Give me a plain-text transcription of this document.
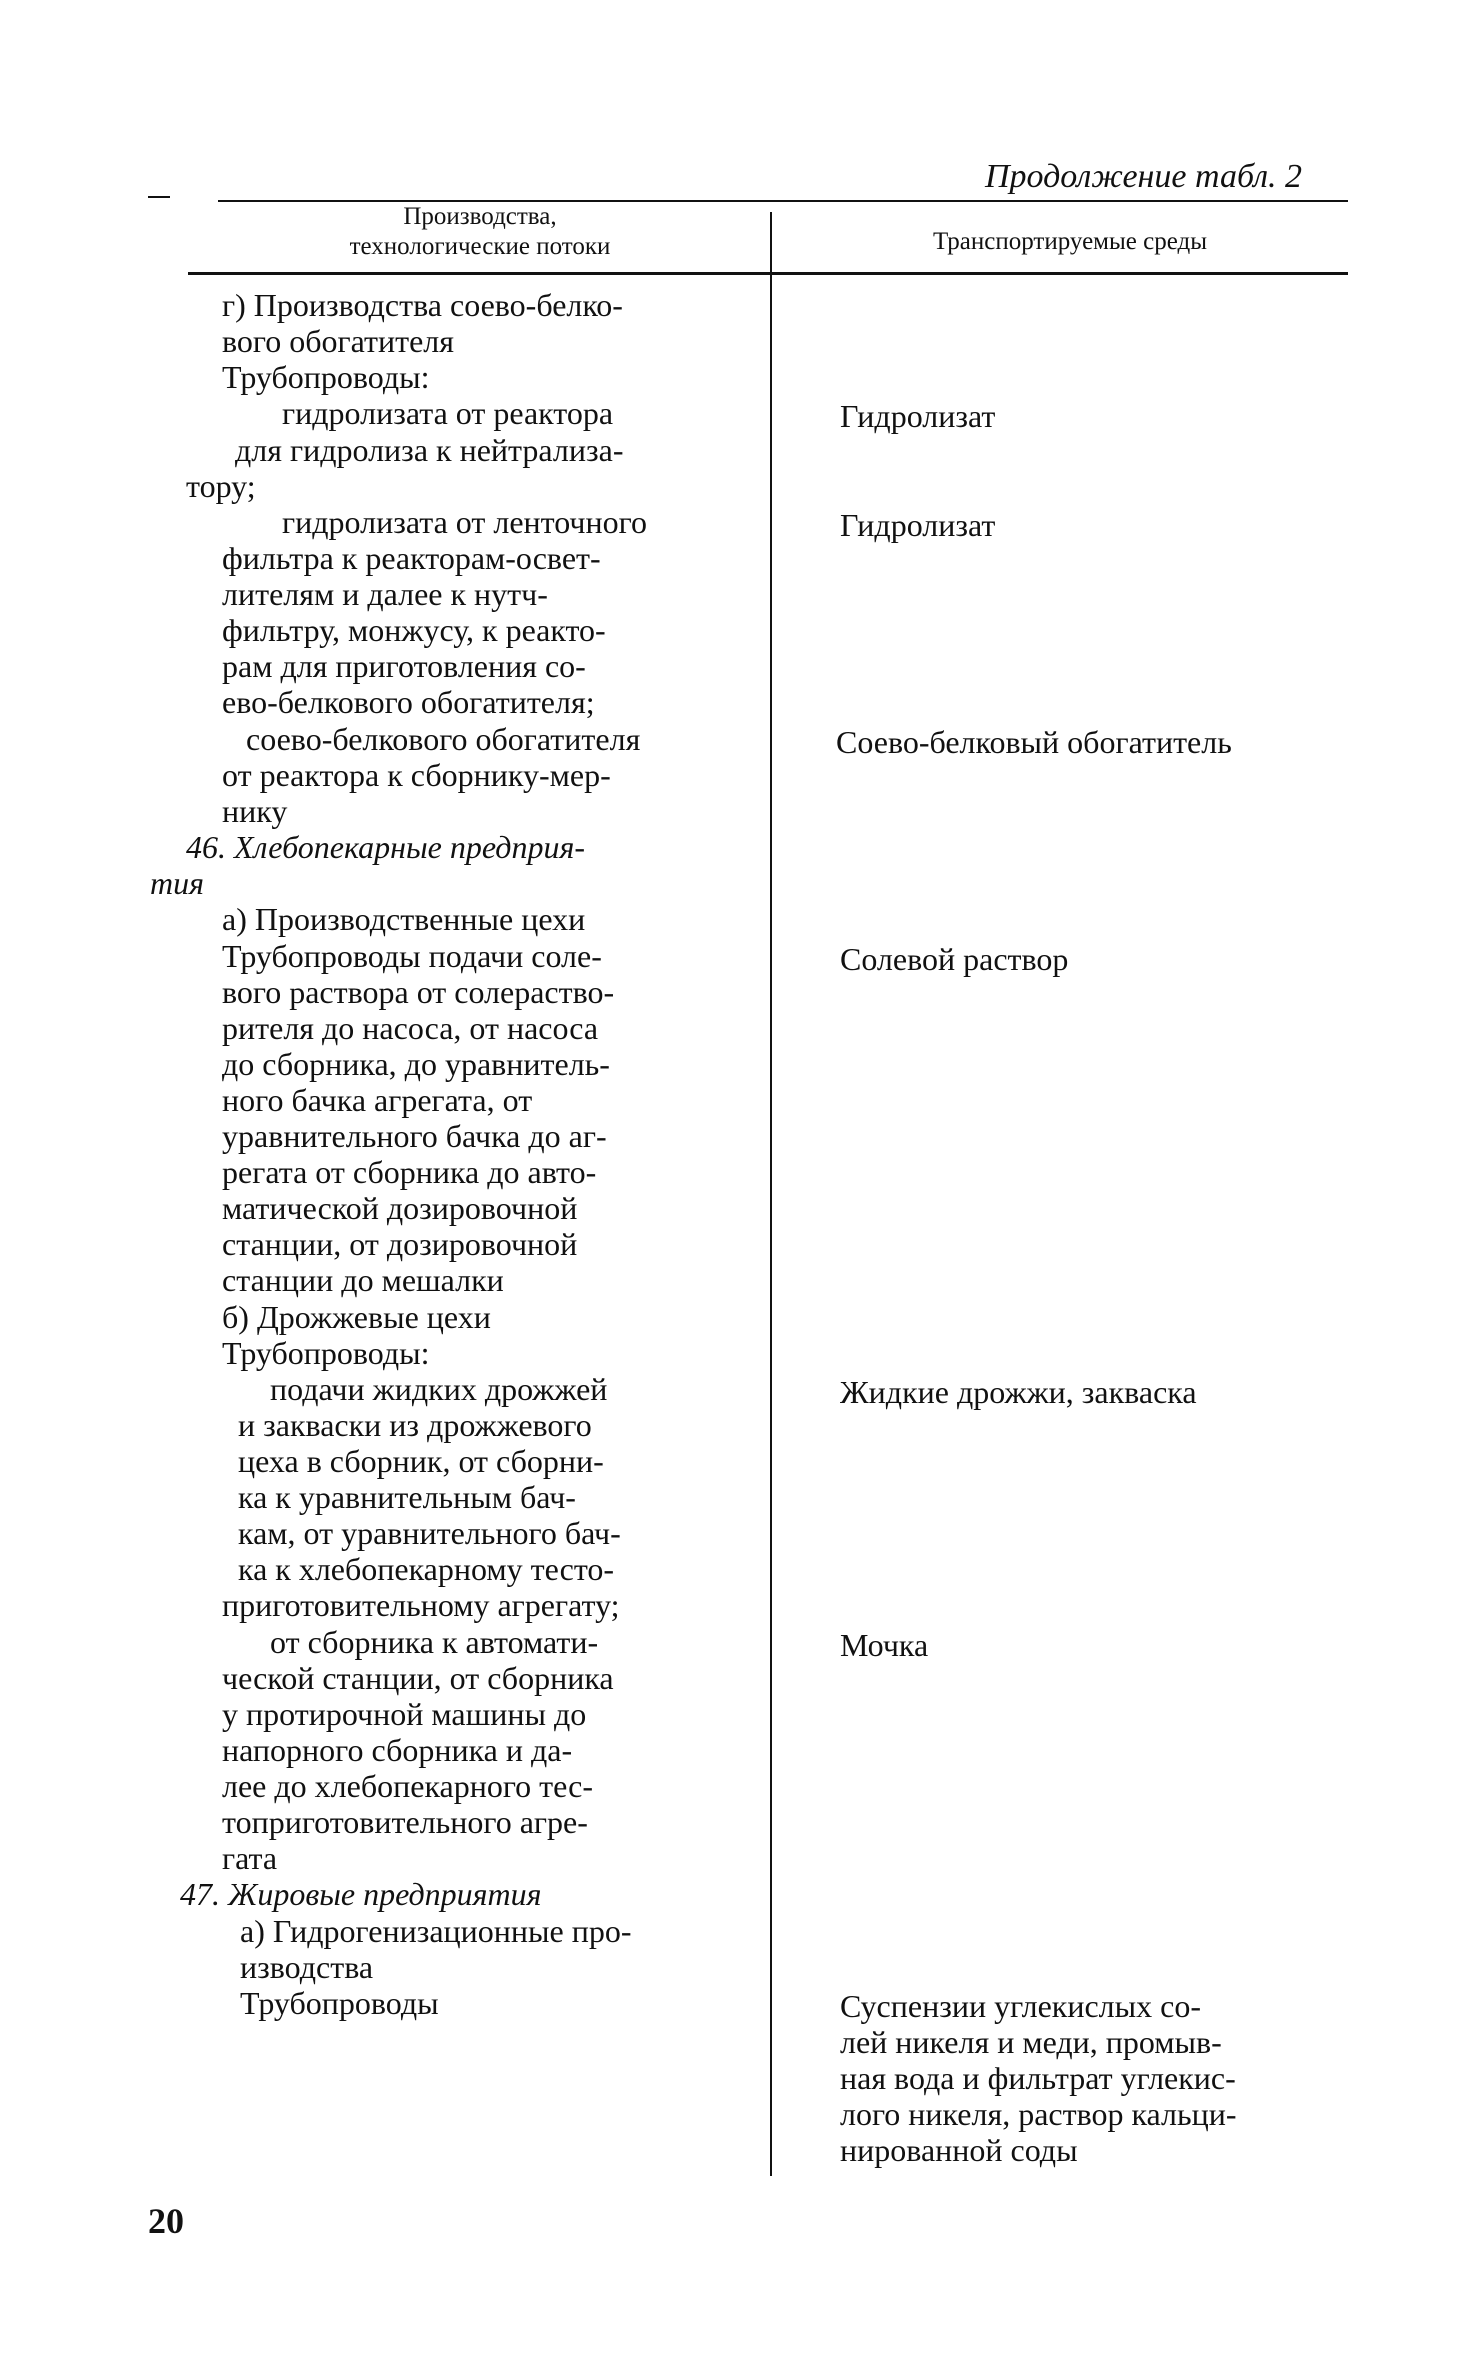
Продолжение табл. 2
Производства,
технологические потоки	Транспортируемые среды
г) Производства соево-белко-
вого обогатителя
Трубопроводы:
гидролизата от реактора
для гидролиза к нейтрализа-
тору;
гидролизата от ленточного
фильтра к реакторам-освет-
лителям и далее к нутч-
фильтру, монжусу, к реакто-
рам для приготовления со-
ево-белкового обогатителя;
соево-белкового обогатителя
от реактора к сборнику-мер-
нику
46. Хлебопекарные предприя-
тия
а) Производственные цехи
Трубопроводы подачи соле-
вого раствора от солераство-
рителя до насоса, от насоса
до сборника, до уравнитель-
ного бачка агрегата, от
уравнительного бачка до аг-
регата от сборника до авто-
матической дозировочной
станции, от дозировочной
станции до мешалки
б) Дрожжевые цехи
Трубопроводы:
подачи жидких дрожжей
и закваски из дрожжевого
цеха в сборник, от сборни-
ка к уравнительным бач-
кам, от уравнительного бач-
ка к хлебопекарному тесто-
приготовительному агрегату;
от сборника к автомати-
ческой станции, от сборника
у протирочной машины до
напорного сборника и да-
лее до хлебопекарного тес-
топриготовительного агре-
гата
47. Жировые предприятия
а) Гидрогенизационные про-
изводства
Трубопроводы
Гидролизат
Гидролизат
Соево-белковый обогатитель
Солевой раствор
Жидкие дрожжи, закваска
Мочка
Суспензии углекислых со-
лей никеля и меди, промыв-
ная вода и фильтрат углекис-
лого никеля, раствор кальци-
нированной соды
20
